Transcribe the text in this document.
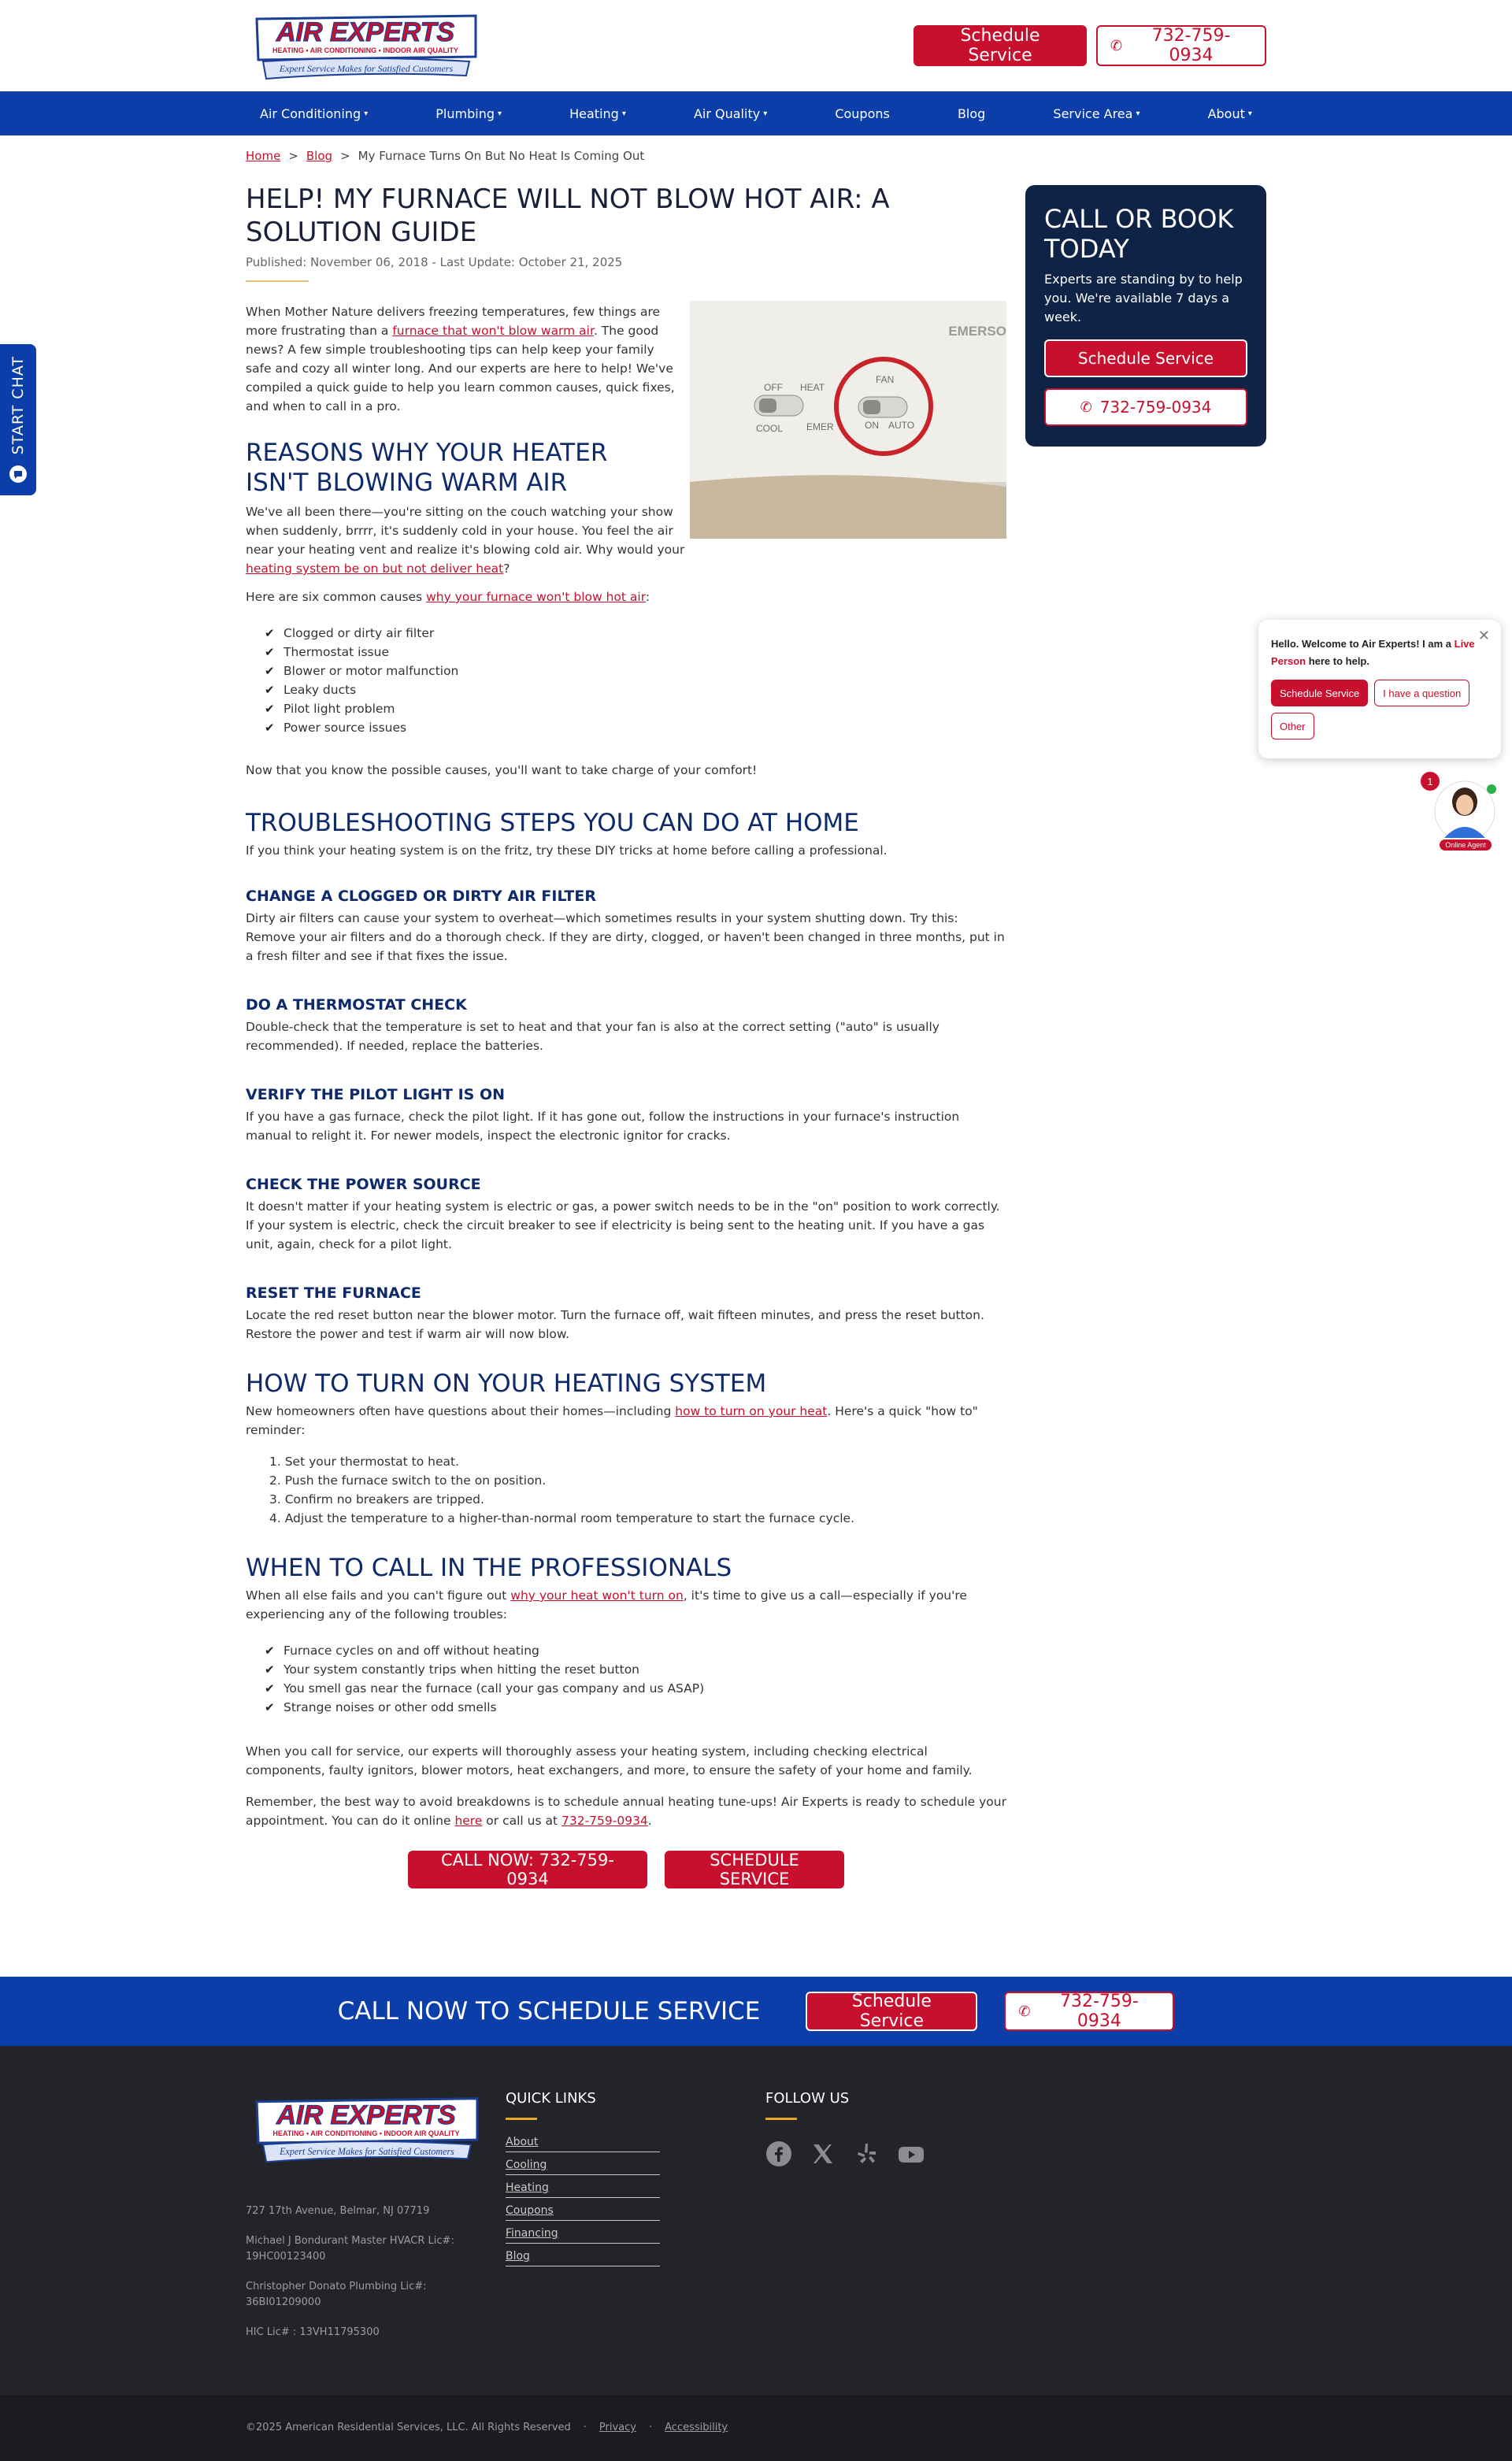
AIR EXPERTS
HEATING • AIR CONDITIONING • INDOOR AIR QUALITY
Expert Service Makes for Satisfied Customers
Schedule Service	✆	732-759-0934
Air Conditioning ▾	Plumbing ▾	Heating ▾	Air Quality ▾	Coupons	Blog	Service Area ▾	About ▾
Home > Blog > My Furnace Turns On But No Heat Is Coming Out
HELP! MY FURNACE WILL NOT BLOW HOT AIR: A SOLUTION GUIDE
Published: November 06, 2018 - Last Update: October 21, 2025
EMERSO
OFF HEAT
COOL EMER
FAN
ON AUTO

When Mother Nature delivers freezing temperatures, few things are more frustrating than a furnace that won't blow warm air. The good news? A few simple troubleshooting tips can help keep your family safe and cozy all winter long. And our experts are here to help! We've compiled a quick guide to help you learn common causes, quick fixes, and when to call in a pro.

REASONS WHY YOUR HEATER ISN'T BLOWING WARM AIR

We've all been there—you're sitting on the couch watching your show when suddenly, brrrr, it's suddenly cold in your house. You feel the air near your heating vent and realize it's blowing cold air. Why would your heating system be on but not deliver heat?

Here are six common causes why your furnace won't blow hot air:

✔ Clogged or dirty air filter
✔ Thermostat issue
✔ Blower or motor malfunction
✔ Leaky ducts
✔ Pilot light problem
✔ Power source issues

Now that you know the possible causes, you'll want to take charge of your comfort!

TROUBLESHOOTING STEPS YOU CAN DO AT HOME

If you think your heating system is on the fritz, try these DIY tricks at home before calling a professional.

CHANGE A CLOGGED OR DIRTY AIR FILTER

Dirty air filters can cause your system to overheat—which sometimes results in your system shutting down. Try this: Remove your air filters and do a thorough check. If they are dirty, clogged, or haven't been changed in three months, put in a fresh filter and see if that fixes the issue.

DO A THERMOSTAT CHECK

Double-check that the temperature is set to heat and that your fan is also at the correct setting ("auto" is usually recommended). If needed, replace the batteries.

VERIFY THE PILOT LIGHT IS ON

If you have a gas furnace, check the pilot light. If it has gone out, follow the instructions in your furnace's instruction manual to relight it. For newer models, inspect the electronic ignitor for cracks.

CHECK THE POWER SOURCE

It doesn't matter if your heating system is electric or gas, a power switch needs to be in the "on" position to work correctly. If your system is electric, check the circuit breaker to see if electricity is being sent to the heating unit. If you have a gas unit, again, check for a pilot light.

RESET THE FURNACE

Locate the red reset button near the blower motor. Turn the furnace off, wait fifteen minutes, and press the reset button. Restore the power and test if warm air will now blow.

HOW TO TURN ON YOUR HEATING SYSTEM

New homeowners often have questions about their homes—including how to turn on your heat. Here's a quick "how to" reminder:

1. Set your thermostat to heat.
2. Push the furnace switch to the on position.
3. Confirm no breakers are tripped.
4. Adjust the temperature to a higher-than-normal room temperature to start the furnace cycle.
WHEN TO CALL IN THE PROFESSIONALS

When all else fails and you can't figure out why your heat won't turn on, it's time to give us a call—especially if you're experiencing any of the following troubles:

✔ Furnace cycles on and off without heating
✔ Your system constantly trips when hitting the reset button
✔ You smell gas near the furnace (call your gas company and us ASAP)
✔ Strange noises or other odd smells

When you call for service, our experts will thoroughly assess your heating system, including checking electrical components, faulty ignitors, blower motors, heat exchangers, and more, to ensure the safety of your home and family.

Remember, the best way to avoid breakdowns is to schedule annual heating tune-ups! Air Experts is ready to schedule your appointment. You can do it online here or call us at 732-759-0934.

CALL NOW: 732-759-0934
SCHEDULE SERVICE
CALL OR BOOK TODAY
Experts are standing by to help you. We're available 7 days a week.
Schedule Service
✆ 732-759-0934
START CHAT
✕
Hello. Welcome to Air Experts! I am a Live Person here to help.
Schedule Service	I have a question
Other
Online Agent
1
CALL NOW TO SCHEDULE SERVICE	Schedule Service	✆	732-759-0934
AIR EXPERTS
HEATING • AIR CONDITIONING • INDOOR AIR QUALITY
Expert Service Makes for Satisfied Customers
727 17th Avenue, Belmar, NJ 07719
Michael J Bondurant Master HVACR Lic#: 19HC00123400
Christopher Donato Plumbing Lic#: 36BI01209000
HIC Lic# : 13VH11795300
QUICK LINKS
About
Cooling
Heating
Coupons
Financing
Blog
FOLLOW US
©2025 American Residential Services, LLC. All Rights Reserved · Privacy · Accessibility
